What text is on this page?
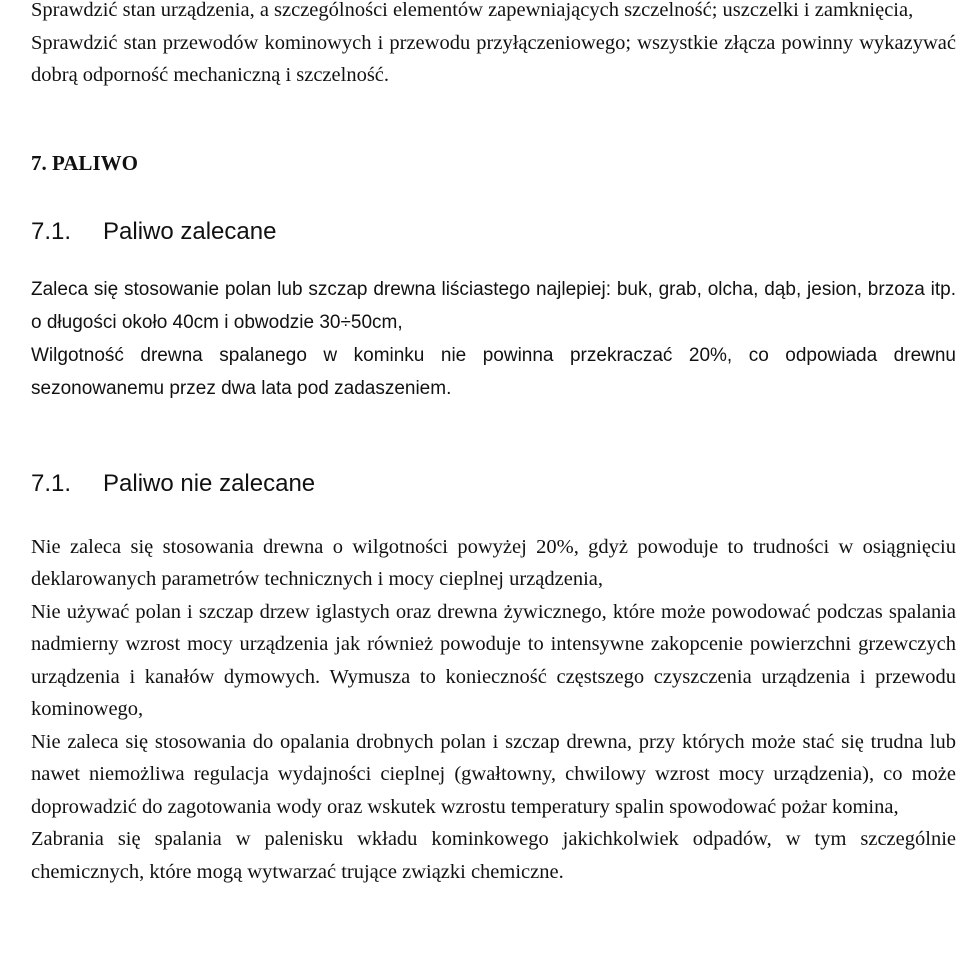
Sprawdzić stan urządzenia, a szczególności elementów zapewniających szczelność; uszczelki i zamknięcia,

Sprawdzić stan przewodów kominowych i przewodu przyłączeniowego; wszystkie złącza powinny wykazywać dobrą odporność mechaniczną i szczelność.

7. PALIWO
7.1. Paliwo zalecane

Zaleca się stosowanie polan lub szczap drewna liściastego najlepiej: buk, grab, olcha, dąb, jesion, brzoza itp. o długości około 40cm i obwodzie 30÷50cm,

Wilgotność drewna spalanego w kominku nie powinna przekraczać 20%, co odpowiada drewnu sezonowanemu przez dwa lata pod zadaszeniem.

7.1. Paliwo nie zalecane

Nie zaleca się stosowania drewna o wilgotności powyżej 20%, gdyż powoduje to trudności w osiągnięciu deklarowanych parametrów technicznych i mocy cieplnej urządzenia,

Nie używać polan i szczap drzew iglastych oraz drewna żywicznego, które może powodować podczas spalania nadmierny wzrost mocy urządzenia jak również powoduje to intensywne zakopcenie powierzchni grzewczych urządzenia i kanałów dymowych. Wymusza to konieczność częstszego czyszczenia urządzenia i przewodu kominowego,

Nie zaleca się stosowania do opalania drobnych polan i szczap drewna, przy których może stać się trudna lub nawet niemożliwa regulacja wydajności cieplnej (gwałtowny, chwilowy wzrost mocy urządzenia), co może doprowadzić do zagotowania wody oraz wskutek wzrostu temperatury spalin spowodować pożar komina,

Zabrania się spalania w palenisku wkładu kominkowego jakichkolwiek odpadów, w tym szczególnie chemicznych, które mogą wytwarzać trujące związki chemiczne.
